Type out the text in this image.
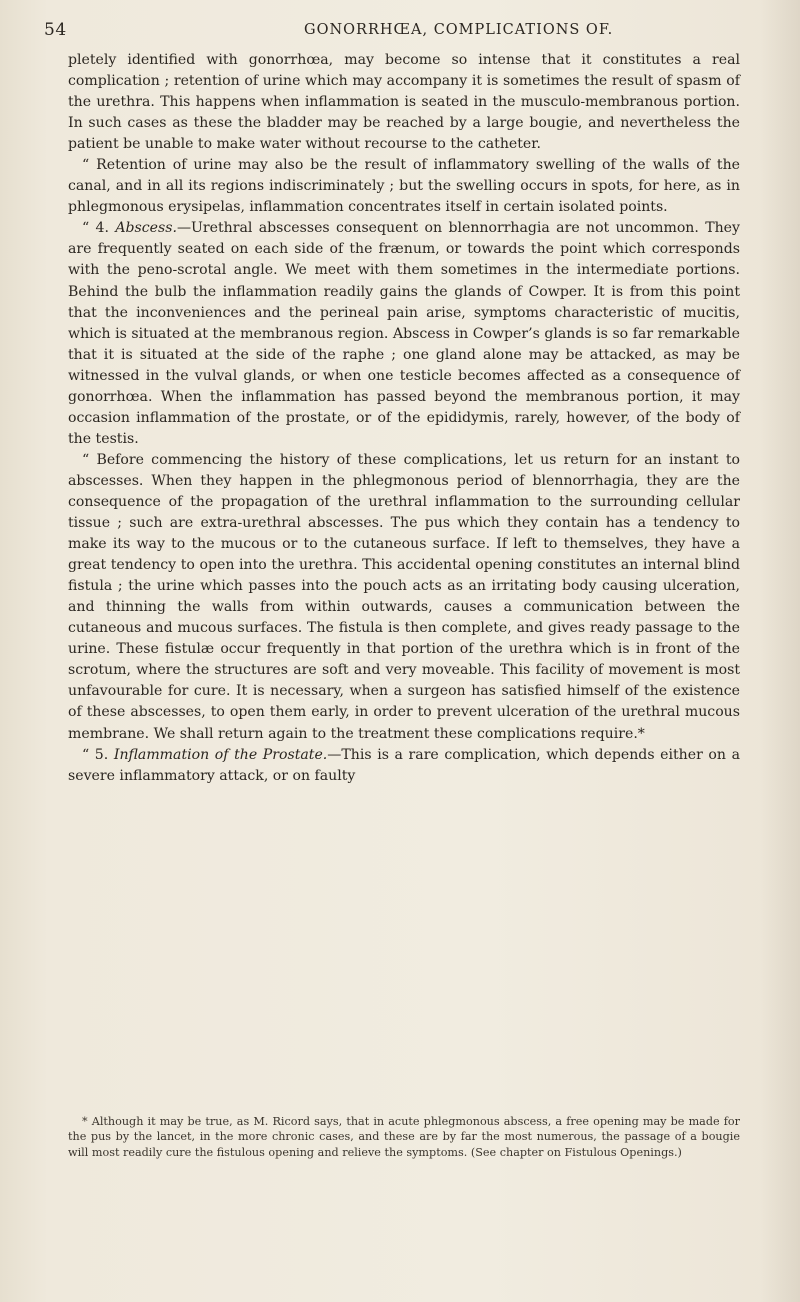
54	GONORRHŒA, COMPLICATIONS OF.

pletely identified with gonorrhœa, may become so intense that it constitutes a real complication ; retention of urine which may accompany it is sometimes the result of spasm of the urethra. This happens when inflammation is seated in the musculo-membranous portion. In such cases as these the bladder may be reached by a large bougie, and nevertheless the patient be unable to make water without recourse to the catheter.

“ Retention of urine may also be the result of inflammatory swelling of the walls of the canal, and in all its regions indiscriminately ; but the swelling occurs in spots, for here, as in phlegmonous erysipelas, inflammation concentrates itself in certain isolated points.

“ 4. Abscess.—Urethral abscesses consequent on blennorrhagia are not uncommon. They are frequently seated on each side of the frænum, or towards the point which corresponds with the peno-scrotal angle. We meet with them sometimes in the intermediate portions. Behind the bulb the inflammation readily gains the glands of Cowper. It is from this point that the inconveniences and the perineal pain arise, symptoms characteristic of mucitis, which is situated at the membranous region. Abscess in Cowper’s glands is so far remarkable that it is situated at the side of the raphe ; one gland alone may be attacked, as may be witnessed in the vulval glands, or when one testicle becomes affected as a consequence of gonorrhœa. When the inflammation has passed beyond the membranous portion, it may occasion inflammation of the prostate, or of the epididymis, rarely, however, of the body of the testis.

“ Before commencing the history of these complications, let us return for an instant to abscesses. When they happen in the phlegmonous period of blennorrhagia, they are the consequence of the propagation of the urethral inflammation to the surrounding cellular tissue ; such are extra-urethral abscesses. The pus which they contain has a tendency to make its way to the mucous or to the cutaneous surface. If left to themselves, they have a great tendency to open into the urethra. This accidental opening constitutes an internal blind fistula ; the urine which passes into the pouch acts as an irritating body causing ulceration, and thinning the walls from within outwards, causes a communication between the cutaneous and mucous surfaces. The fistula is then complete, and gives ready passage to the urine. These fistulæ occur frequently in that portion of the urethra which is in front of the scrotum, where the structures are soft and very moveable. This facility of movement is most unfavourable for cure. It is necessary, when a surgeon has satisfied himself of the existence of these abscesses, to open them early, in order to prevent ulceration of the urethral mucous membrane. We shall return again to the treatment these complications require.*

“ 5. Inflammation of the Prostate.—This is a rare complication, which depends either on a severe inflammatory attack, or on faulty

* Although it may be true, as M. Ricord says, that in acute phlegmonous abscess, a free opening may be made for the pus by the lancet, in the more chronic cases, and these are by far the most numerous, the passage of a bougie will most readily cure the fistulous opening and relieve the symptoms. (See chapter on Fistulous Openings.)
